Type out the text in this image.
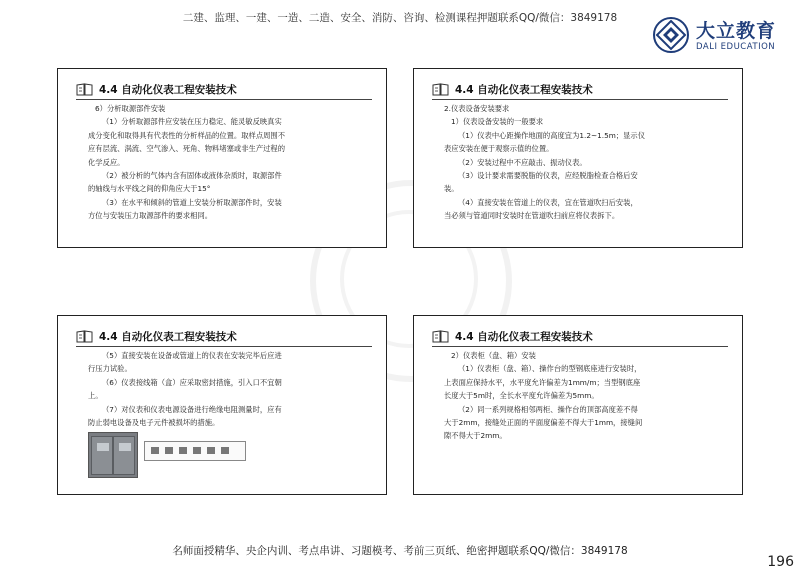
二建、监理、一建、一造、二造、安全、消防、咨询、检测课程押题联系QQ/微信：3849178
大立教育
DALI EDUCATION
4.4 自动化仪表工程安装技术

6）分析取源部件安装

（1）分析取源部件应安装在压力稳定、能灵敏反映真实

成分变化和取得具有代表性的分析样品的位置。取样点周围不

应有层流、涡流、空气渗入、死角、物料堵塞或非生产过程的

化学反应。

（2）被分析的气体内含有固体或液体杂质时，取源部件

的轴线与水平线之间的仰角应大于15°

（3）在水平和倾斜的管道上安装分析取源部件时，安装

方位与安装压力取源部件的要求相同。

4.4 自动化仪表工程安装技术

2.仪表设备安装要求

1）仪表设备安装的一般要求

（1）仪表中心距操作地面的高度宜为1.2~1.5m；显示仪

表应安装在便于观察示值的位置。

（2）安装过程中不应敲击、振动仪表。

（3）设计要求需要脱脂的仪表，应经脱脂检查合格后安

装。

（4）直接安装在管道上的仪表，宜在管道吹扫后安装，

当必须与管道同时安装时在管道吹扫前应将仪表拆下。

4.4 自动化仪表工程安装技术

（5）直接安装在设备或管道上的仪表在安装完毕后应进

行压力试验。

（6）仪表接线箱（盒）应采取密封措施，引入口不宜朝

上。

（7）对仪表和仪表电源设备进行绝缘电阻测量时，应有

防止弱电设备及电子元件被损坏的措施。

4.4 自动化仪表工程安装技术

2）仪表柜（盘、箱）安装

（1）仪表柜（盘、箱）、操作台的型钢底座进行安装时，

上表面应保持水平，水平度允许偏差为1mm/m；当型钢底座

长度大于5m时，全长水平度允许偏差为5mm。

（2）同一系列规格相邻两柜、操作台的顶部高度差不得

大于2mm，接缝处正面的平面度偏差不得大于1mm，接缝间

隙不得大于2mm。

名师面授精华、央企内训、考点串讲、习题模考、考前三页纸、绝密押题联系QQ/微信：3849178
196
